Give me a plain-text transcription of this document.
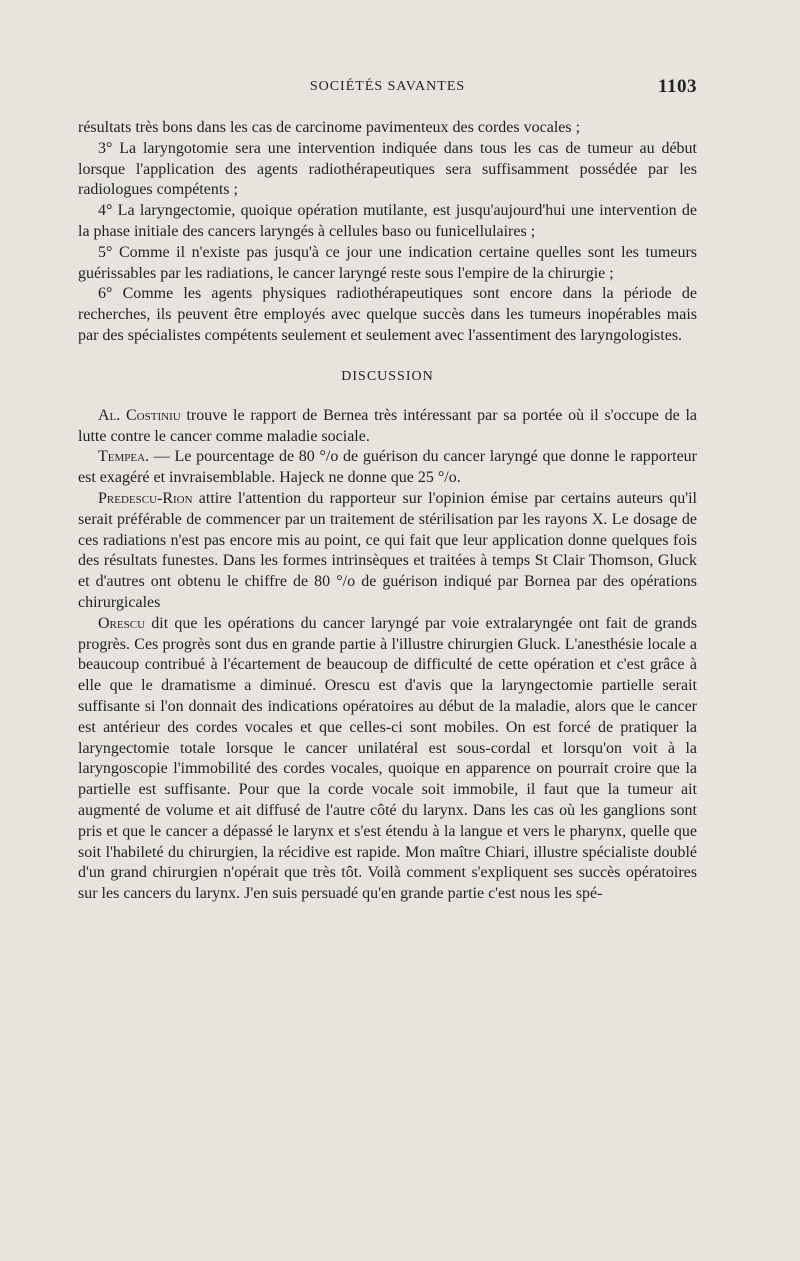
SOCIÉTÉS SAVANTES	1103

résultats très bons dans les cas de carcinome pavimenteux des cordes vocales ;

3° La laryngotomie sera une intervention indiquée dans tous les cas de tumeur au début lorsque l'application des agents radiothérapeutiques sera suffisamment possédée par les radiologues compétents ;

4° La laryngectomie, quoique opération mutilante, est jusqu'aujourd'hui une intervention de la phase initiale des cancers laryngés à cellules baso ou funicellulaires ;

5° Comme il n'existe pas jusqu'à ce jour une indication certaine quelles sont les tumeurs guérissables par les radiations, le cancer laryngé reste sous l'empire de la chirurgie ;

6° Comme les agents physiques radiothérapeutiques sont encore dans la période de recherches, ils peuvent être employés avec quelque succès dans les tumeurs inopérables mais par des spécialistes compétents seulement et seulement avec l'assentiment des laryngologistes.

DISCUSSION

Al. Costiniu trouve le rapport de Bernea très intéressant par sa portée où il s'occupe de la lutte contre le cancer comme maladie sociale.

Tempea. — Le pourcentage de 80 °/o de guérison du cancer laryngé que donne le rapporteur est exagéré et invraisemblable. Hajeck ne donne que 25 °/o.

Predescu-Rion attire l'attention du rapporteur sur l'opinion émise par certains auteurs qu'il serait préférable de commencer par un traitement de stérilisation par les rayons X. Le dosage de ces radiations n'est pas encore mis au point, ce qui fait que leur application donne quelques fois des résultats funestes. Dans les formes intrinsèques et traitées à temps St Clair Thomson, Gluck et d'autres ont obtenu le chiffre de 80 °/o de guérison indiqué par Bornea par des opérations chirurgicales

Orescu dit que les opérations du cancer laryngé par voie extralaryngée ont fait de grands progrès. Ces progrès sont dus en grande partie à l'illustre chirurgien Gluck. L'anesthésie locale a beaucoup contribué à l'écartement de beaucoup de difficulté de cette opération et c'est grâce à elle que le dramatisme a diminué. Orescu est d'avis que la laryngectomie partielle serait suffisante si l'on donnait des indications opératoires au début de la maladie, alors que le cancer est antérieur des cordes vocales et que celles-ci sont mobiles. On est forcé de pratiquer la laryngectomie totale lorsque le cancer unilatéral est sous-cordal et lorsqu'on voit à la laryngoscopie l'immobilité des cordes vocales, quoique en apparence on pourrait croire que la partielle est suffisante. Pour que la corde vocale soit immobile, il faut que la tumeur ait augmenté de volume et ait diffusé de l'autre côté du larynx. Dans les cas où les ganglions sont pris et que le cancer a dépassé le larynx et s'est étendu à la langue et vers le pharynx, quelle que soit l'habileté du chirurgien, la récidive est rapide. Mon maître Chiari, illustre spécialiste doublé d'un grand chirurgien n'opérait que très tôt. Voilà comment s'expliquent ses succès opératoires sur les cancers du larynx. J'en suis persuadé qu'en grande partie c'est nous les spé-
